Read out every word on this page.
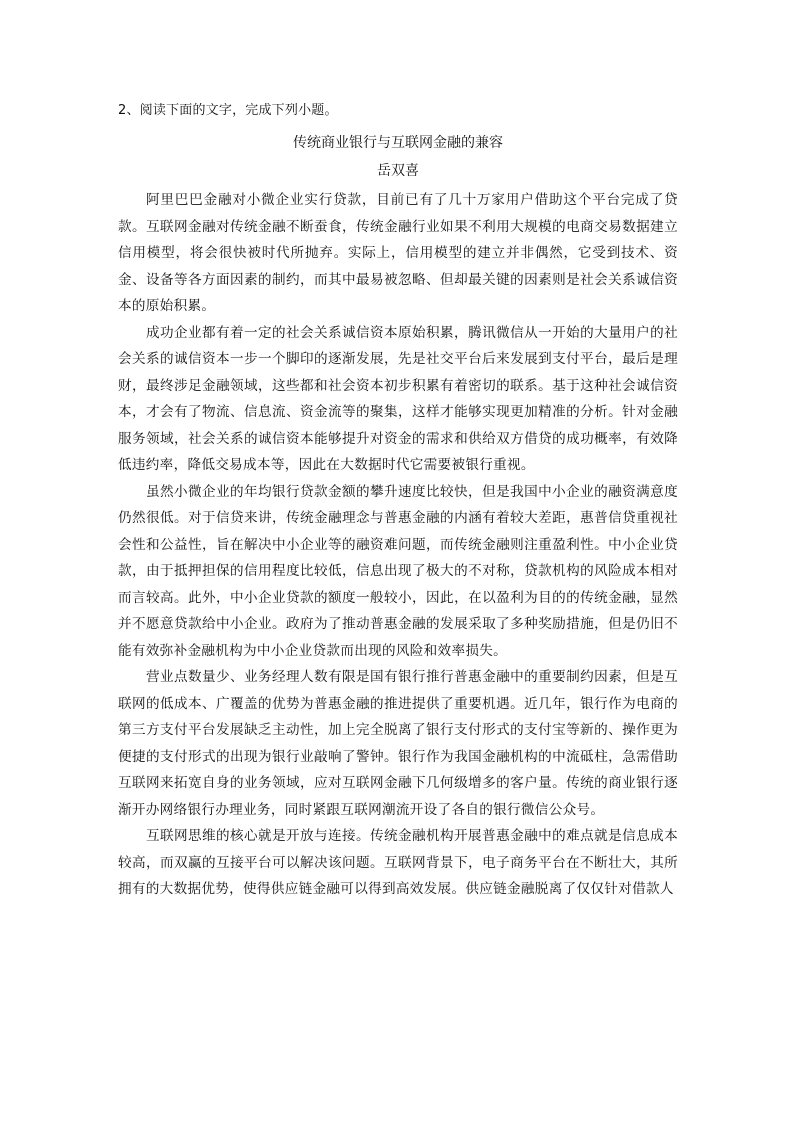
2、阅读下面的文字，完成下列小题。

传统商业银行与互联网金融的兼容

岳双喜

阿里巴巴金融对小微企业实行贷款，目前已有了几十万家用户借助这个平台完成了贷款。互联网金融对传统金融不断蚕食，传统金融行业如果不利用大规模的电商交易数据建立信用模型，将会很快被时代所抛弃。实际上，信用模型的建立并非偶然，它受到技术、资金、设备等各方面因素的制约，而其中最易被忽略、但却最关键的因素则是社会关系诚信资本的原始积累。

成功企业都有着一定的社会关系诚信资本原始积累，腾讯微信从一开始的大量用户的社会关系的诚信资本一步一个脚印的逐渐发展，先是社交平台后来发展到支付平台，最后是理财，最终涉足金融领域，这些都和社会资本初步积累有着密切的联系。基于这种社会诚信资本，才会有了物流、信息流、资金流等的聚集，这样才能够实现更加精准的分析。针对金融服务领域，社会关系的诚信资本能够提升对资金的需求和供给双方借贷的成功概率，有效降低违约率，降低交易成本等，因此在大数据时代它需要被银行重视。

虽然小微企业的年均银行贷款金额的攀升速度比较快，但是我国中小企业的融资满意度仍然很低。对于信贷来讲，传统金融理念与普惠金融的内涵有着较大差距，惠普信贷重视社会性和公益性，旨在解决中小企业等的融资难问题，而传统金融则注重盈利性。中小企业贷款，由于抵押担保的信用程度比较低，信息出现了极大的不对称，贷款机构的风险成本相对而言较高。此外，中小企业贷款的额度一般较小，因此，在以盈利为目的的传统金融，显然并不愿意贷款给中小企业。政府为了推动普惠金融的发展采取了多种奖励措施，但是仍旧不能有效弥补金融机构为中小企业贷款而出现的风险和效率损失。

营业点数量少、业务经理人数有限是国有银行推行普惠金融中的重要制约因素，但是互联网的低成本、广覆盖的优势为普惠金融的推进提供了重要机遇。近几年，银行作为电商的第三方支付平台发展缺乏主动性，加上完全脱离了银行支付形式的支付宝等新的、操作更为便捷的支付形式的出现为银行业敲响了警钟。银行作为我国金融机构的中流砥柱，急需借助互联网来拓宽自身的业务领域，应对互联网金融下几何级增多的客户量。传统的商业银行逐渐开办网络银行办理业务，同时紧跟互联网潮流开设了各自的银行微信公众号。

互联网思维的核心就是开放与连接。传统金融机构开展普惠金融中的难点就是信息成本较高，而双赢的互接平台可以解决该问题。互联网背景下，电子商务平台在不断壮大，其所拥有的大数据优势，使得供应链金融可以得到高效发展。供应链金融脱离了仅仅针对借款人
